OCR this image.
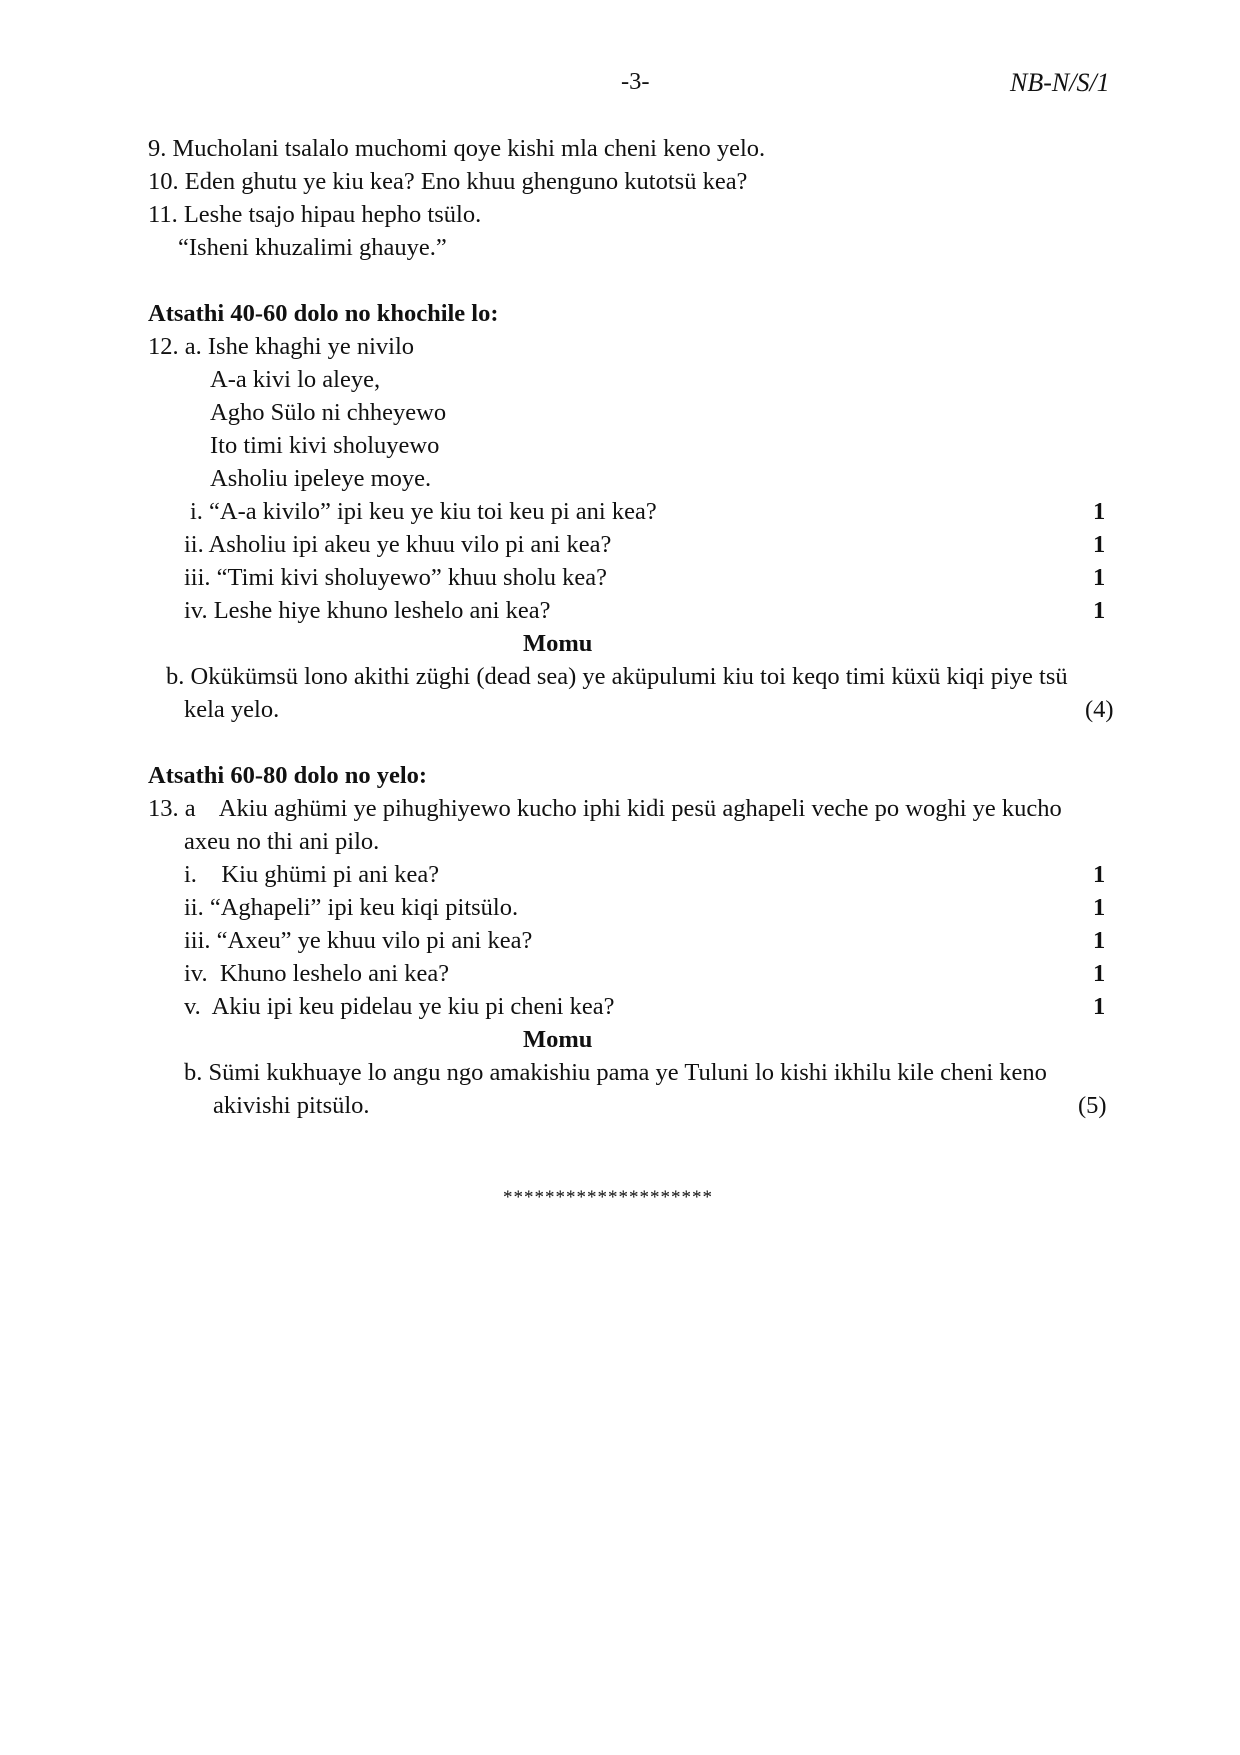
-3-	NB-N/S/1
9. Mucholani tsalalo muchomi qoye kishi mla cheni keno yelo.
10. Eden ghutu ye kiu kea? Eno khuu ghenguno kutotsü kea?
11. Leshe tsajo hipau hepho tsülo.
“Isheni khuzalimi ghauye.”
Atsathi 40-60 dolo no khochile lo:
12. a. Ishe khaghi ye nivilo
A-a kivi lo aleye,
Agho Sülo ni chheyewo
Ito timi kivi sholuyewo
Asholiu ipeleye moye.
i. “A-a kivilo” ipi keu ye kiu toi keu pi ani kea?	1
ii. Asholiu ipi akeu ye khuu vilo pi ani kea?	1
iii. “Timi kivi sholuyewo” khuu sholu kea?	1
iv. Leshe hiye khuno leshelo ani kea?	1
Momu
b. Okükümsü lono akithi züghi (dead sea) ye aküpulumi kiu toi keqo timi küxü kiqi piye tsü
kela yelo.	(4)
Atsathi 60-80 dolo no yelo:
13. a    Akiu aghümi ye pihughiyewo kucho iphi kidi pesü aghapeli veche po woghi ye kucho
axeu no thi ani pilo.
i.    Kiu ghümi pi ani kea?	1
ii. “Aghapeli” ipi keu kiqi pitsülo.	1
iii. “Axeu” ye khuu vilo pi ani kea?	1
iv.  Khuno leshelo ani kea?	1
v.  Akiu ipi keu pidelau ye kiu pi cheni kea?	1
Momu
b. Sümi kukhuaye lo angu ngo amakishiu pama ye Tuluni lo kishi ikhilu kile cheni keno
akivishi pitsülo.	(5)
********************
